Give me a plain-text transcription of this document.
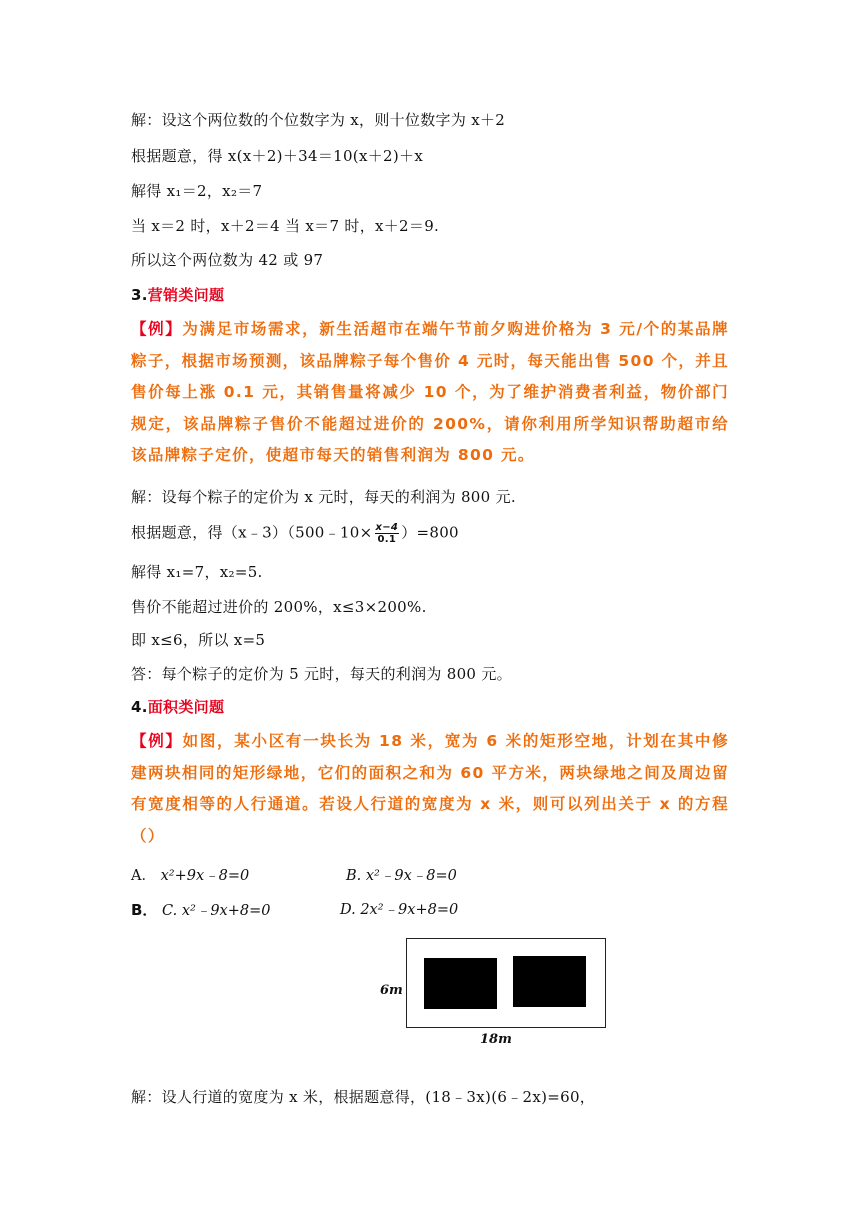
解：设这个两位数的个位数字为 x，则十位数字为 x＋2
根据题意，得 x(x＋2)＋34＝10(x＋2)＋x
解得 x₁＝2，x₂＝7
当 x＝2 时，x＋2＝4 当 x＝7 时，x＋2＝9.
所以这个两位数为 42 或 97
3.营销类问题
【例】为满足市场需求，新生活超市在端午节前夕购进价格为 3 元/个的某品牌粽子，根据市场预测，该品牌粽子每个售价 4 元时，每天能出售 500 个，并且售价每上涨 0.1 元，其销售量将减少 10 个，为了维护消费者利益，物价部门规定，该品牌粽子售价不能超过进价的 200%，请你利用所学知识帮助超市给该品牌粽子定价，使超市每天的销售利润为 800 元。
解：设每个粽子的定价为 x 元时，每天的利润为 800 元.
根据题意，得（x﹣3）（500﹣10× $\frac{x-4}{0.1} )=800$
解得 x₁=7，x₂=5.
售价不能超过进价的 200%，x≤3×200%.
即 x≤6，所以 x=5
答：每个粽子的定价为 5 元时，每天的利润为 800 元。
4.面积类问题
【例】如图，某小区有一块长为 18 米，宽为 6 米的矩形空地，计划在其中修建两块相同的矩形绿地，它们的面积之和为 60 平方米，两块绿地之间及周边留有宽度相等的人行通道。若设人行道的宽度为 x 米，则可以列出关于 x 的方程（）
A． x²+9x﹣8=0	B. x²﹣9x﹣8=0
B． C. x²﹣9x+8=0	D. 2x²﹣9x+8=0
6m
18m
解：设人行道的宽度为 x 米，根据题意得，(18﹣3x)(6﹣2x)=60，
